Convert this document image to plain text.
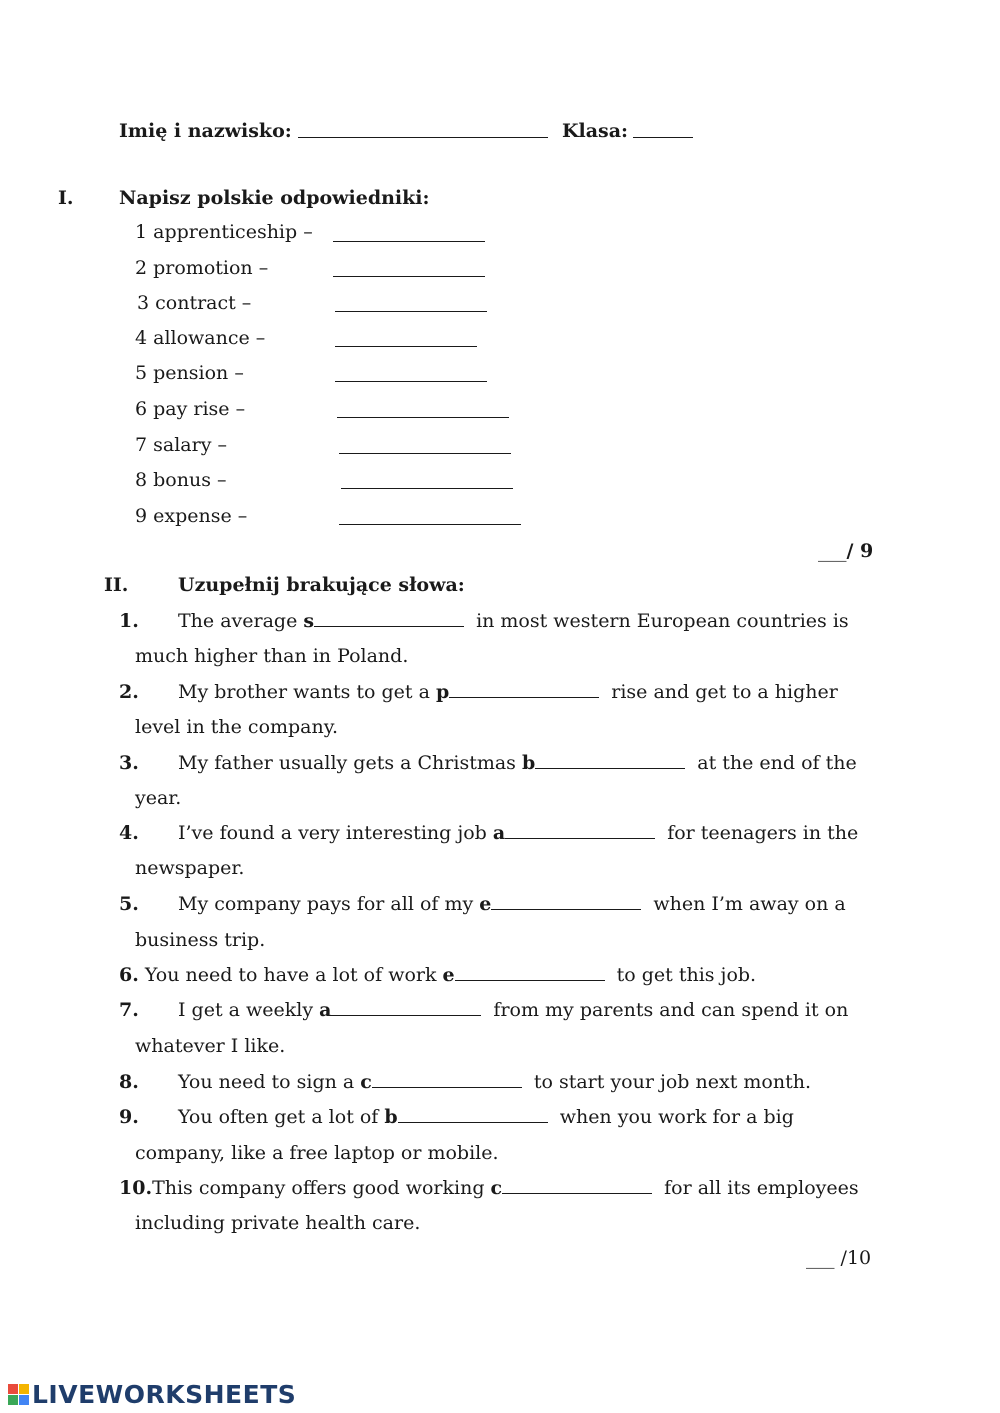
Imię i nazwisko:	Klasa:
I. Napisz polskie odpowiedniki:
1 apprenticeship –
2 promotion –
3 contract –
4 allowance –
5 pension –
6 pay rise –
7 salary –
8 bonus –
9 expense –
___/ 9
II.	Uzupełnij brakujące słowa:
1. The average s	in most western European countries is
much higher than in Poland.
2. My brother wants to get a p	rise and get to a higher
level in the company.
3. My father usually gets a Christmas b	at the end of the
year.
4. I’ve found a very interesting job a	for teenagers in the
newspaper.
5. My company pays for all of my e	when I’m away on a
business trip.
6. You need to have a lot of work e	to get this job.
7. I get a weekly a	from my parents and can spend it on
whatever I like.
8. You need to sign a c	to start your job next month.
9. You often get a lot of b	when you work for a big
company, like a free laptop or mobile.
10.This company offers good working c	for all its employees
including private health care.
___ /10
LIVEWORKSHEETS
